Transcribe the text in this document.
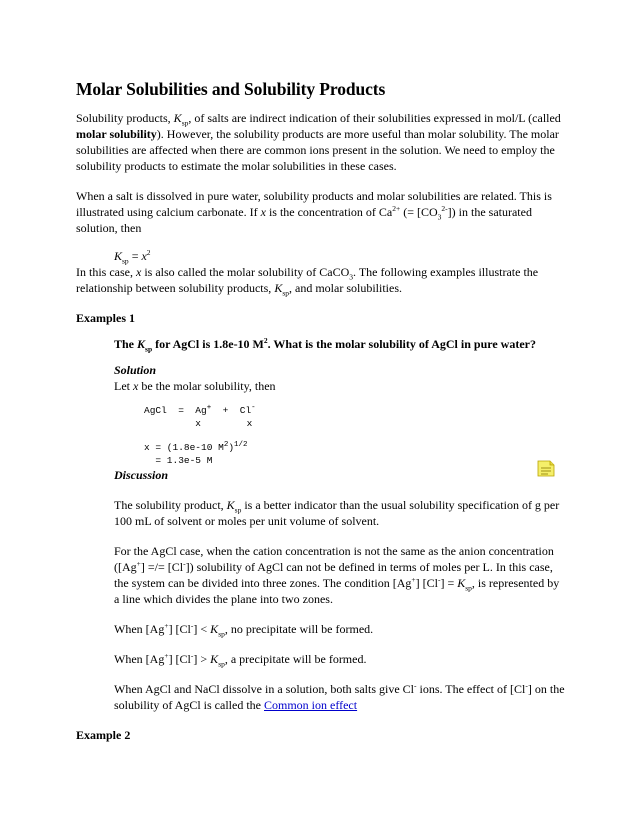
Molar Solubilities and Solubility Products

Solubility products, $K_{sp}$, of salts are indirect indication of their solubilities expressed in mol/L (called molar solubility). However, the solubility products are more useful than molar solubility. The molar solubilities are affected when there are common ions present in the solution. We need to employ the solubility products to estimate the molar solubilities in these cases.

When a salt is dissolved in pure water, solubility products and molar solubilities are related. This is illustrated using calcium carbonate. If x is the concentration of $Ca^{2+}$ (= $[CO_3^{2-}]$) in the saturated solution, then

$K_{sp} = x^2$

In this case, x is also called the molar solubility of CaCO$_3$. The following examples illustrate the relationship between solubility products, $K_{sp}$, and molar solubilities.

Examples 1

The $K_{sp}$ for AgCl is 1.8e-10 $M^2$. What is the molar solubility of AgCl in pure water?

Solution
Let x be the molar solubility, then
AgCl  =  Ag+  +  Cl-
x        x
x = (1.8e-10 $M^2)^{1/2}$
= 1.3e-5 M
Discussion

The solubility product, $K_{sp}$ is a better indicator than the usual solubility specification of g per 100 mL of solvent or moles per unit volume of solvent.

For the AgCl case, when the cation concentration is not the same as the anion concentration ([Ag+] =/= [Cl-]) solubility of AgCl can not be defined in terms of moles per L. In this case, the system can be divided into three zones. The condition [Ag+] $[Cl^-] = K_{sp}$, is represented by a line which divides the plane into two zones.

When [Ag+] $[Cl^-] < K_{sp}$, no precipitate will be formed.

When [Ag+] $[Cl^-] > K_{sp}$, a precipitate will be formed.

When AgCl and NaCl dissolve in a solution, both salts give Cl- ions. The effect of [Cl-] on the solubility of AgCl is called the Common ion effect

Example 2
